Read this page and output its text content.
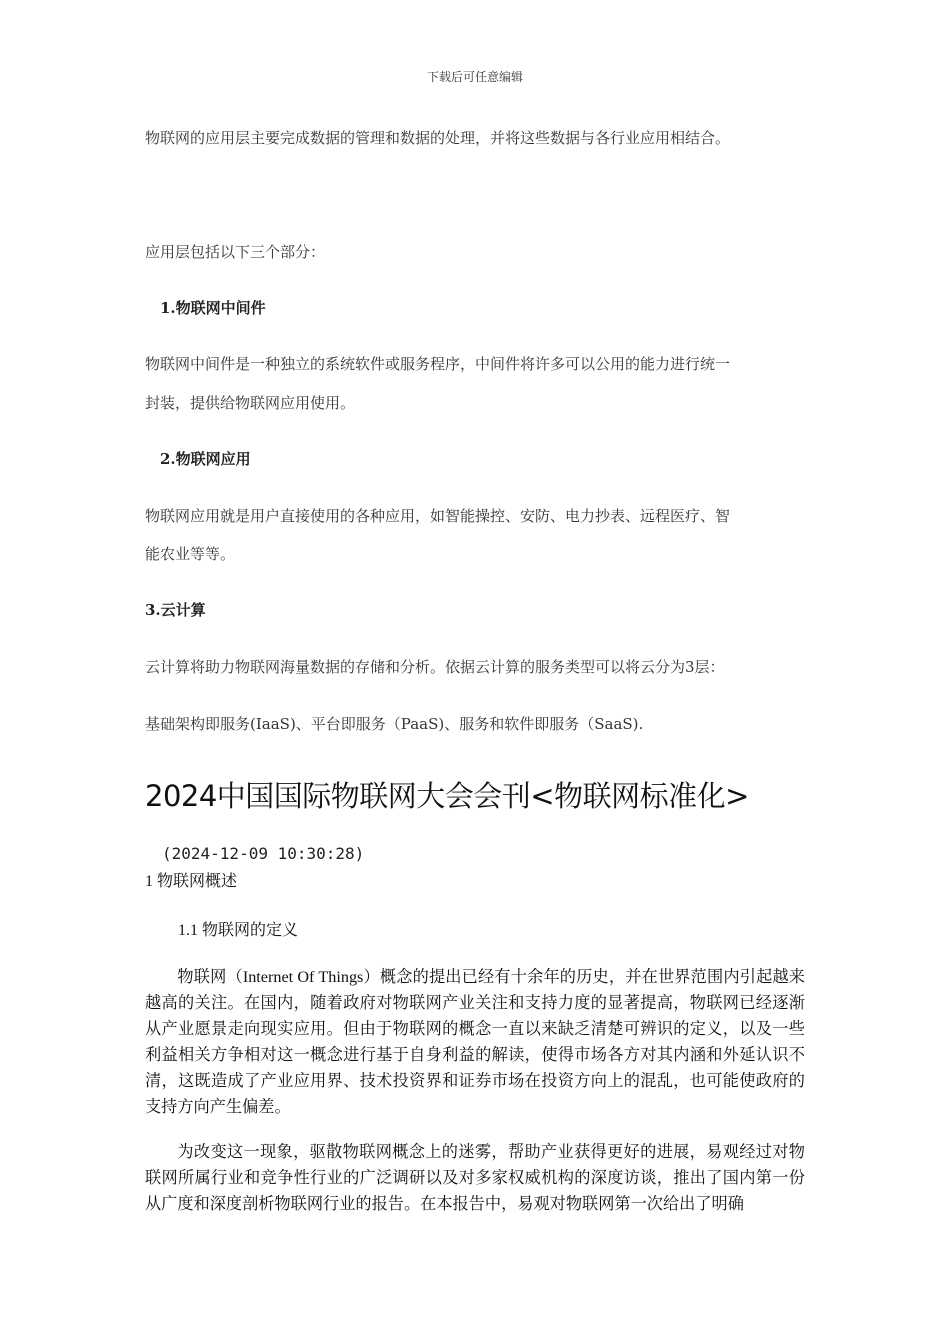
下载后可任意编辑
物联网的应用层主要完成数据的管理和数据的处理，并将这些数据与各行业应用相结合。
应用层包括以下三个部分：
1.物联网中间件
物联网中间件是一种独立的系统软件或服务程序，中间件将许多可以公用的能力进行统一
封装，提供给物联网应用使用。
2.物联网应用
物联网应用就是用户直接使用的各种应用，如智能操控、安防、电力抄表、远程医疗、智
能农业等等。
3.云计算
云计算将助力物联网海量数据的存储和分析。依据云计算的服务类型可以将云分为3层：
基础架构即服务(IaaS)、平台即服务（PaaS)、服务和软件即服务（SaaS).
2024中国国际物联网大会会刊<物联网标准化>
(2024-12-09 10:30:28)
1 物联网概述
1.1 物联网的定义
物联网（Internet Of Things）概念的提出已经有十余年的历史，并在世界范围内引起越来越高的关注。在国内，随着政府对物联网产业关注和支持力度的显著提高，物联网已经逐渐从产业愿景走向现实应用。但由于物联网的概念一直以来缺乏清楚可辨识的定义，以及一些利益相关方争相对这一概念进行基于自身利益的解读，使得市场各方对其内涵和外延认识不清，这既造成了产业应用界、技术投资界和证券市场在投资方向上的混乱，也可能使政府的支持方向产生偏差。
为改变这一现象，驱散物联网概念上的迷雾，帮助产业获得更好的进展，易观经过对物联网所属行业和竞争性行业的广泛调研以及对多家权威机构的深度访谈，推出了国内第一份从广度和深度剖析物联网行业的报告。在本报告中，易观对物联网第一次给出了明确
